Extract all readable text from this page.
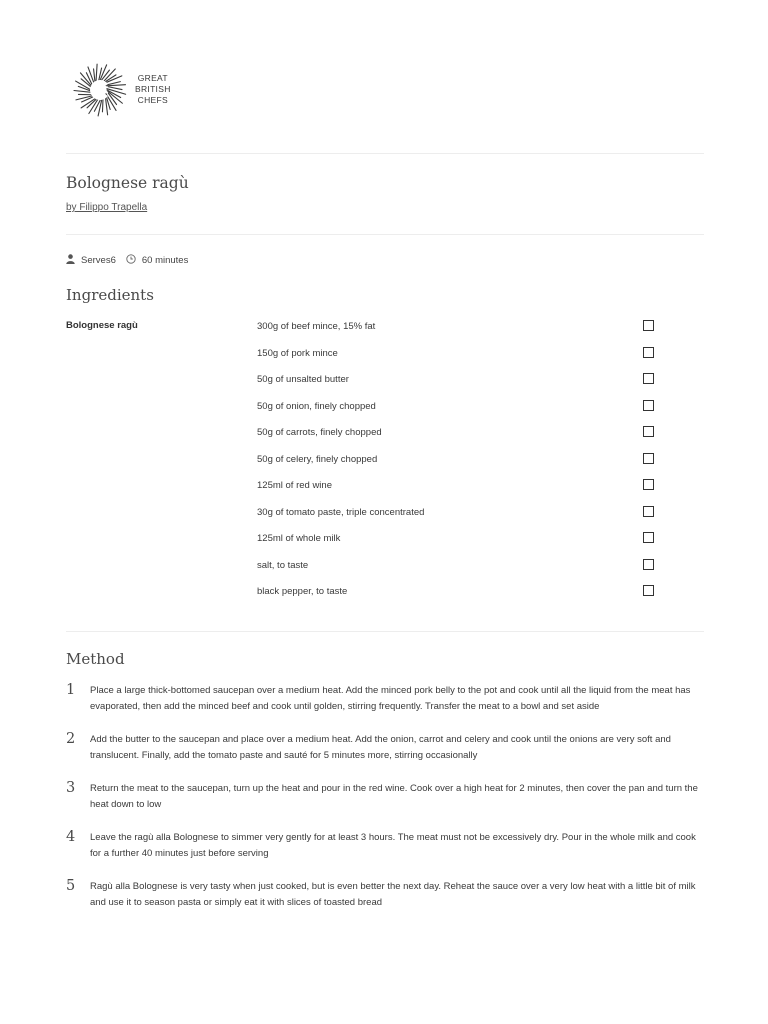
GREAT
BRITISH
CHEFS
Bolognese ragù
by Filippo Trapella
Serves6	60 minutes
Ingredients
Bolognese ragù	300g of beef mince, 15% fat
150g of pork mince
50g of unsalted butter
50g of onion, finely chopped
50g of carrots, finely chopped
50g of celery, finely chopped
125ml of red wine
30g of tomato paste, triple concentrated
125ml of whole milk
salt, to taste
black pepper, to taste
Method
1 Place a large thick-bottomed saucepan over a medium heat. Add the minced pork belly to the pot and cook until all the liquid from the meat has evaporated, then add the minced beef and cook until golden, stirring frequently. Transfer the meat to a bowl and set aside
2 Add the butter to the saucepan and place over a medium heat. Add the onion, carrot and celery and cook until the onions are very soft and translucent. Finally, add the tomato paste and sauté for 5 minutes more, stirring occasionally
3 Return the meat to the saucepan, turn up the heat and pour in the red wine. Cook over a high heat for 2 minutes, then cover the pan and turn the heat down to low
4 Leave the ragù alla Bolognese to simmer very gently for at least 3 hours. The meat must not be excessively dry. Pour in the whole milk and cook for a further 40 minutes just before serving
5 Ragù alla Bolognese is very tasty when just cooked, but is even better the next day. Reheat the sauce over a very low heat with a little bit of milk and use it to season pasta or simply eat it with slices of toasted bread
